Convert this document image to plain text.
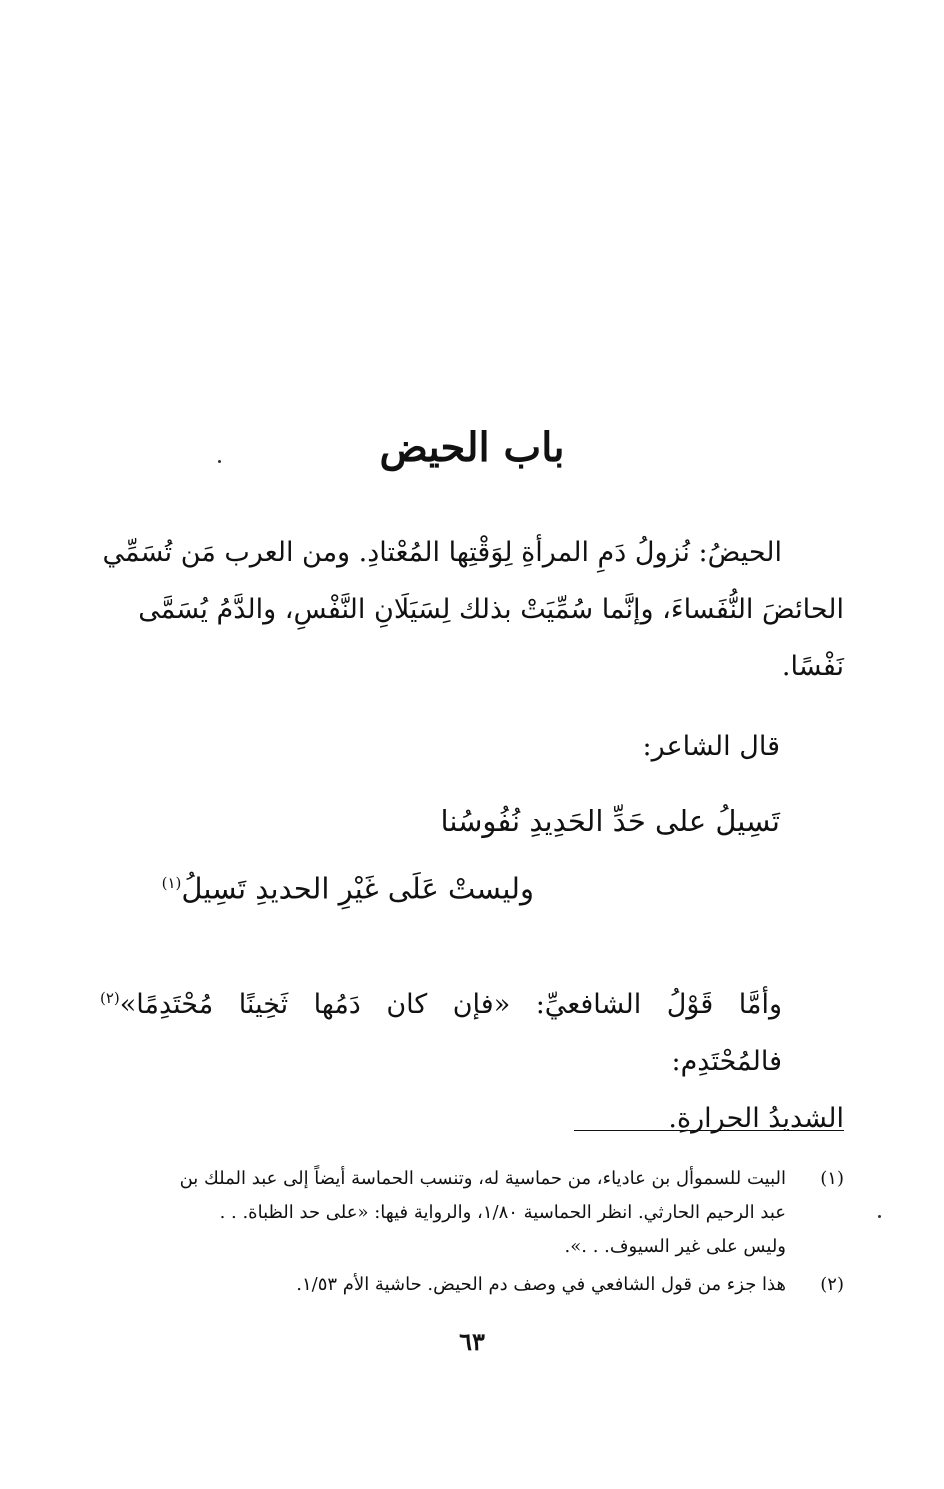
باب الحيض
الحيضُ: نُزولُ دَمِ المرأةِ لِوَقْتِها المُعْتادِ. ومن العرب مَن تُسَمِّي
الحائضَ النُّفَساءَ، وإنَّما سُمِّيَتْ بذلك لِسَيَلَانِ النَّفْسِ، والدَّمُ يُسَمَّى
نَفْسًا.
قال الشاعر:
تَسِيلُ على حَدِّ الحَدِيدِ نُفُوسُنا
وليستْ عَلَى غَيْرِ الحديدِ تَسِيلُ$^{(١)}$
وأمَّا قَوْلُ الشافعيِّ: «فإن كان دَمُها ثَخِينًا مُحْتَدِمًا»$^{(٢)}$ فالمُحْتَدِم:
الشديدُ الحرارةِ.
(١)
البيت للسموأل بن عادياء، من حماسية له، وتنسب الحماسة أيضاً إلى عبد الملك بن
عبد الرحيم الحارثي. انظر الحماسية ١/٨٠، والرواية فيها: «على حد الظباة. . .
وليس على غير السيوف. . .».
(٢)
هذا جزء من قول الشافعي في وصف دم الحيض. حاشية الأم ١/٥٣.
٦٣
